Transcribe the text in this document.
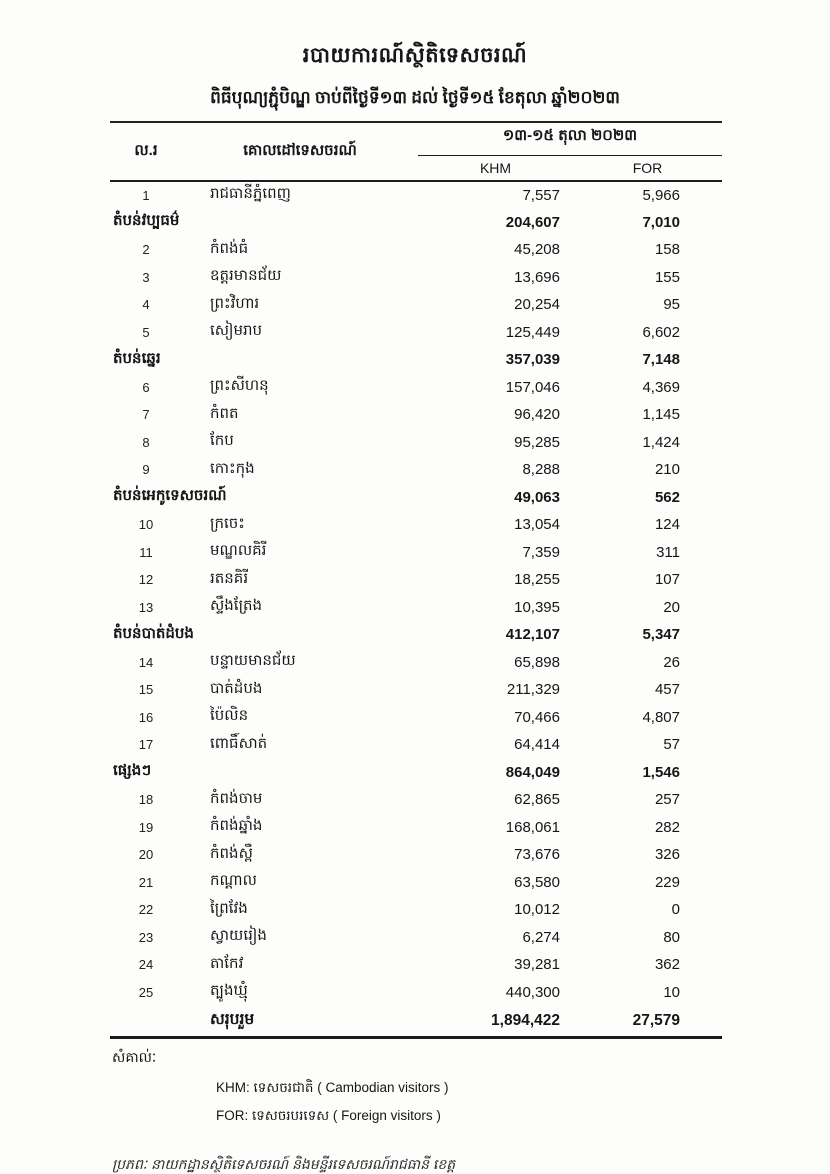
របាយការណ៍ស្ថិតិទេសចរណ៍
ពិធីបុណ្យភ្ជុំបិណ្ឌ ចាប់ពីថ្ងៃទី១៣ ដល់ ថ្ងៃទី១៥ ខែតុលា ឆ្នាំ២០២៣
ល.រ	គោលដៅទេសចរណ៍	១៣-១៥ តុលា ២០២៣	
		KHM	FOR
1	រាជធានីភ្នំពេញ	7,557	5,966
តំបន់វប្បធម៌		204,607	7,010
2	កំពង់ធំ	45,208	158
3	ឧត្តរមានជ័យ	13,696	155
4	ព្រះវិហារ	20,254	95
5	សៀមរាប	125,449	6,602
តំបន់ឆ្នេរ		357,039	7,148
6	ព្រះសីហនុ	157,046	4,369
7	កំពត	96,420	1,145
8	កែប	95,285	1,424
9	កោះកុង	8,288	210
តំបន់អេកូទេសចរណ៍		49,063	562
10	ក្រចេះ	13,054	124
11	មណ្ឌលគិរី	7,359	311
12	រតនគិរី	18,255	107
13	ស្ទឹងត្រែង	10,395	20
តំបន់បាត់ដំបង		412,107	5,347
14	បន្ទាយមានជ័យ	65,898	26
15	បាត់ដំបង	211,329	457
16	ប៉ៃលិន	70,466	4,807
17	ពោធិ៍សាត់	64,414	57
ផ្សេងៗ		864,049	1,546
18	កំពង់ចាម	62,865	257
19	កំពង់ឆ្នាំង	168,061	282
20	កំពង់ស្ពឺ	73,676	326
21	កណ្តាល	63,580	229
22	ព្រៃវែង	10,012	0
23	ស្វាយរៀង	6,274	80
24	តាកែវ	39,281	362
25	ត្បូងឃ្មុំ	440,300	10
	សរុបរួម	1,894,422	27,579
សំគាល់ៈ
KHM: ទេសចរជាតិ ( Cambodian visitors )
FOR: ទេសចរបរទេស ( Foreign visitors )
ប្រភពៈ នាយកដ្ឋានស្ថិតិទេសចរណ៍ និងមន្ទីរទេសចរណ៍រាជធានី ខេត្ត
